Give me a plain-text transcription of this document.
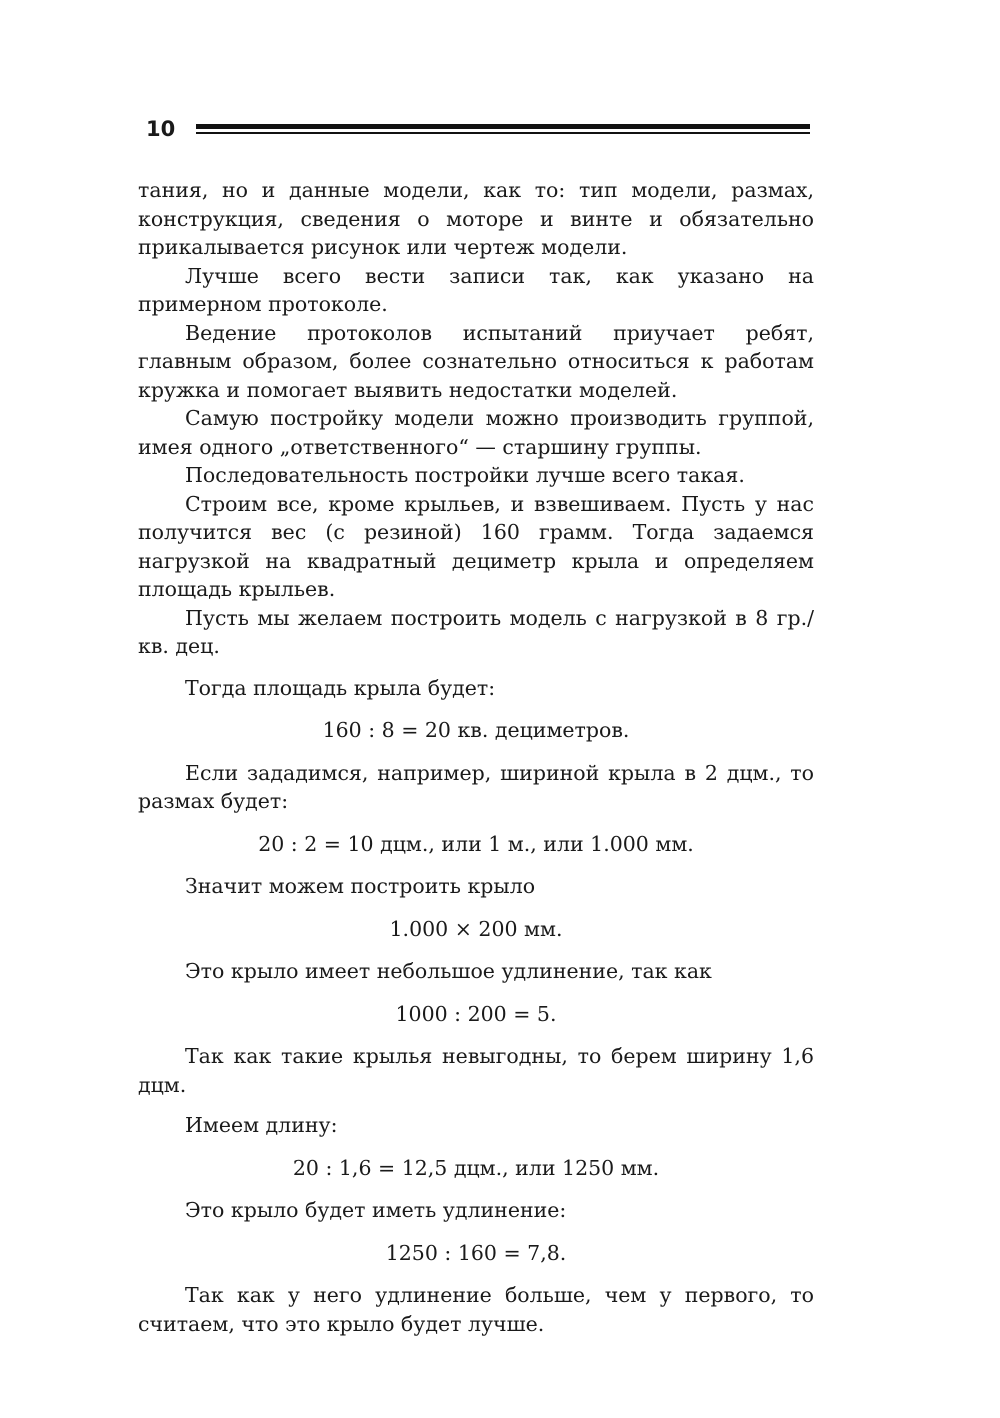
10

тания, но и данные модели, как то: тип модели, размах, конструкция, сведения о моторе и винте и обязательно прикалывается рисунок или чертеж модели.

Лучше всего вести записи так, как указано на примерном протоколе.

Ведение протоколов испытаний приучает ребят, главным образом, более сознательно относиться к работам кружка и помогает выявить недостатки моделей.

Самую постройку модели можно производить группой, имея одного „ответственного“ — старшину группы.

Последовательность постройки лучше всего такая.

Строим все, кроме крыльев, и взвешиваем. Пусть у нас получится вес (с резиной) 160 грамм. Тогда задаемся нагрузкой на квадратный дециметр крыла и определяем площадь крыльев.

Пусть мы желаем построить модель с нагрузкой в 8 гр./кв. дец.

Тогда площадь крыла будет:

160 : 8 = 20 кв. дециметров.

Если зададимся, например, шириной крыла в 2 дцм., то размах будет:

20 : 2 = 10 дцм., или 1 м., или 1.000 мм.

Значит можем построить крыло

1.000 × 200 мм.

Это крыло имеет небольшое удлинение, так как

1000 : 200 = 5.

Так как такие крылья невыгодны, то берем ширину 1,6 дцм.

Имеем длину:

20 : 1,6 = 12,5 дцм., или 1250 мм.

Это крыло будет иметь удлинение:

1250 : 160 = 7,8.

Так как у него удлинение больше, чем у первого, то считаем, что это крыло будет лучше.
